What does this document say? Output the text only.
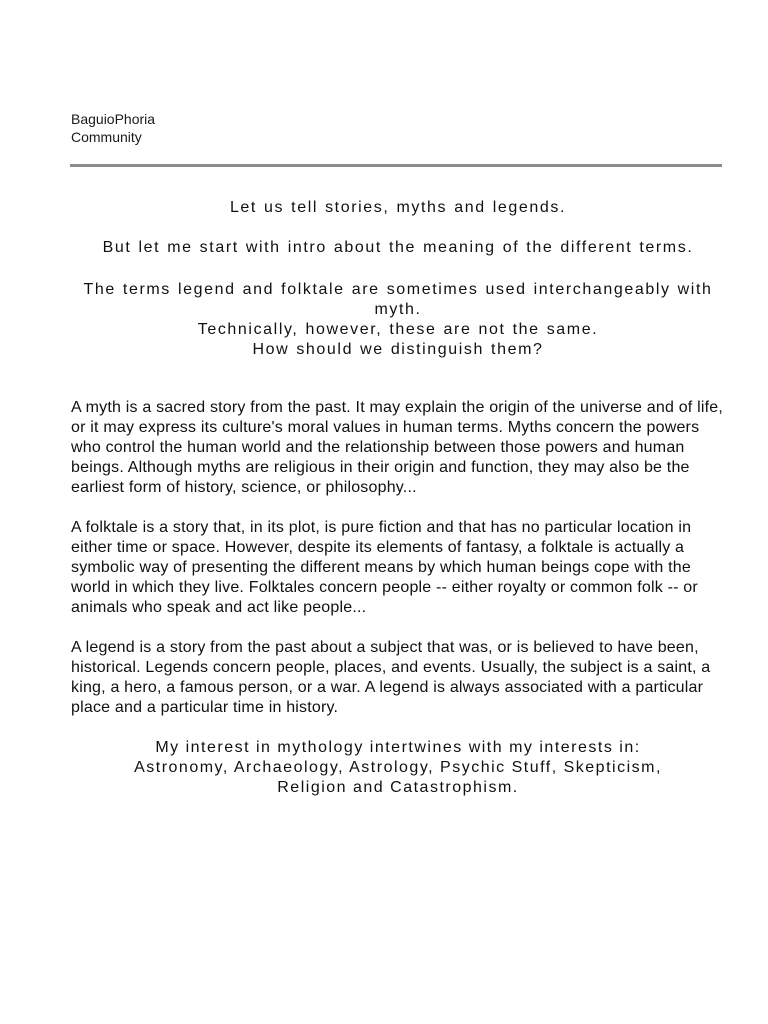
BaguioPhoria
Community

Let us tell stories, myths and legends.

But let me start with intro about the meaning of the different terms.

The terms legend and folktale are sometimes used interchangeably with myth.

Technically, however, these are not the same.

How should we distinguish them?

A myth is a sacred story from the past. It may explain the origin of the universe and of life, or it may express its culture's moral values in human terms. Myths concern the powers who control the human world and the relationship between those powers and human beings. Although myths are religious in their origin and function, they may also be the earliest form of history, science, or philosophy...

A folktale is a story that, in its plot, is pure fiction and that has no particular location in either time or space. However, despite its elements of fantasy, a folktale is actually a symbolic way of presenting the different means by which human beings cope with the world in which they live. Folktales concern people -- either royalty or common folk -- or animals who speak and act like people...

A legend is a story from the past about a subject that was, or is believed to have been, historical. Legends concern people, places, and events. Usually, the subject is a saint, a king, a hero, a famous person, or a war. A legend is always associated with a particular place and a particular time in history.

My interest in mythology intertwines with my interests in:
Astronomy, Archaeology, Astrology, Psychic Stuff, Skepticism,
Religion and Catastrophism.
